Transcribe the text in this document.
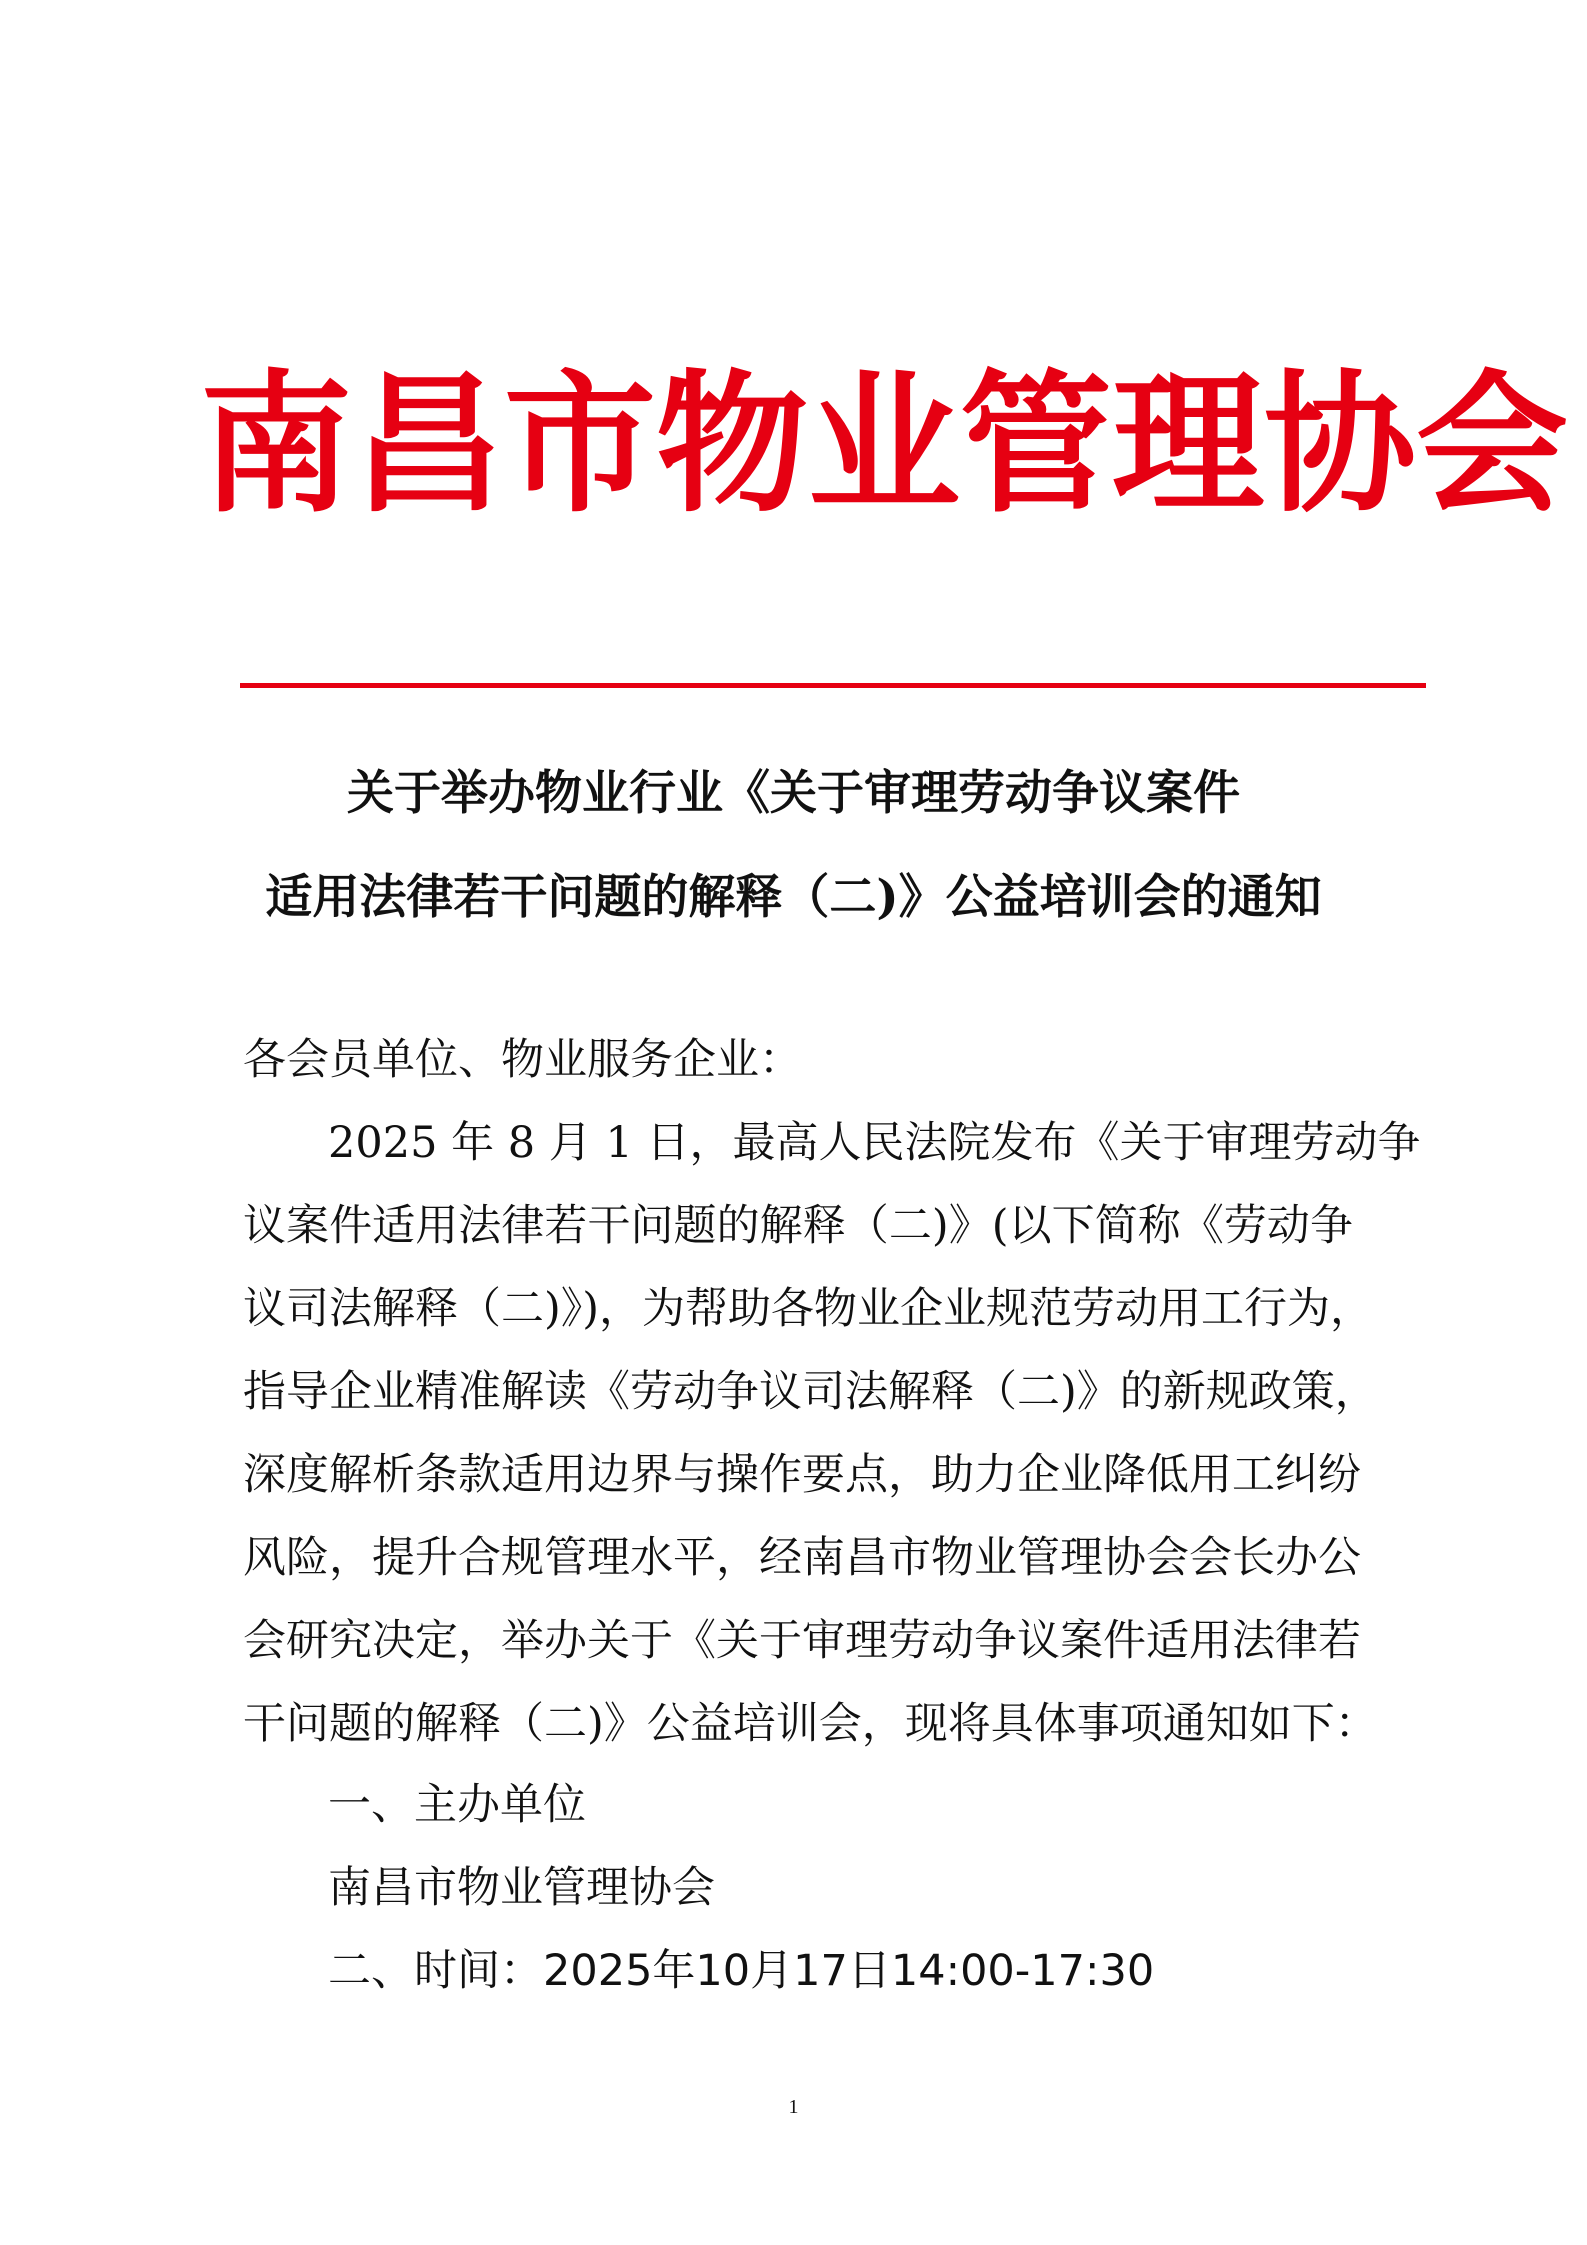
南 昌 市 物 业 管 理 协 会
关于举办物业行业《关于审理劳动争议案件
适用法律若干问题的解释（二)》公益培训会的通知
各会员单位、物业服务企业：
2025 年 8 月 1 日，最高人民法院发布《关于审理劳动争
议案件适用法律若干问题的解释（二)》(以下简称《劳动争
议司法解释（二)》)，为帮助各物业企业规范劳动用工行为，
指导企业精准解读《劳动争议司法解释（二)》的新规政策，
深度解析条款适用边界与操作要点，助力企业降低用工纠纷
风险，提升合规管理水平，经南昌市物业管理协会会长办公
会研究决定，举办关于《关于审理劳动争议案件适用法律若
干问题的解释（二)》公益培训会，现将具体事项通知如下：
一、主办单位
南昌市物业管理协会
二、时间：2025年10月17日14:00-17:30
1
